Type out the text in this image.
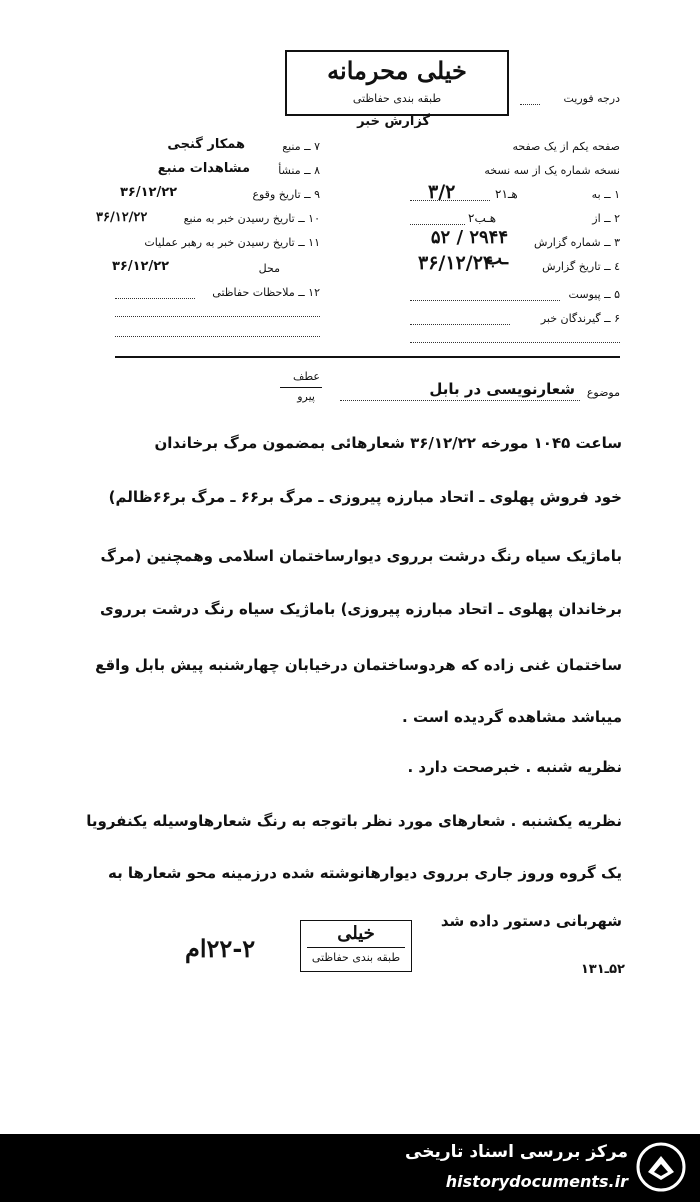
خیلی محرمانه
طبقه بندی حفاظتی
گزارش خبر
درجه فوریت
صفحه یکم از یک صفحه
نسخه شماره یک از سه نسخه
۱ ــ به
۲هـ۱
۳/۲
۲ ــ از
۲هـب
۳ ــ شماره گزارش
۲۹۴۴ / ۵۲ ـب	٤ ــ تاریخ گزارش
۳۶/۱۲/۲۴
۵ ــ پیوست
۶ ــ گیرندگان خبر
۷ ــ منبع
همکار گنجی
۸ ــ منشأ
مشاهدات منبع
۹ ــ تاریخ وقوع
۳۶/۱۲/۲۲
۱۰ ــ تاریخ رسیدن خبر به منبع
۳۶/۱۲/۲۲
۱۱ ــ تاریخ رسیدن خبر به رهبر عملیات
محل
۳۶/۱۲/۲۲
۱۲ ــ ملاحظات حفاظتی
موضوع
شعارنویسی در بابل
عطف
پیرو
ساعت ۱۰۴۵ مورخه ۳۶/۱۲/۲۲ شعارهائی بمضمون مرگ برخاندان
خود فروش پهلوی ـ اتحاد مبارزه پیروزی ـ مرگ بر۶۶ ـ مرگ بر۶۶ظالم)
باماژیک سیاه رنگ درشت برروی دیوارساختمان اسلامی وهمچنین (مرگ
برخاندان پهلوی ـ اتحاد مبارزه پیروزی) باماژیک سیاه رنگ درشت برروی
ساختمان غنی زاده که هردوساختمان درخیابان چهارشنبه پیش بابل واقع
میباشد مشاهده گردیده است .
نظریه شنبه . خبرصحت دارد .
نظریه یکشنبه . شعارهای مورد نظر باتوجه به رنگ شعارهاوسیله یکنفرویا
یک گروه وروز جاری برروی دیوارهانوشته شده درزمینه محو شعارها به
شهربانی دستور داده شد
خیلی
طبقه بندی حفاظتی
۲۲-۲ام
۵۲ـ۱۳۱
مرکز بررسی اسناد تاریخی
historydocuments.ir
